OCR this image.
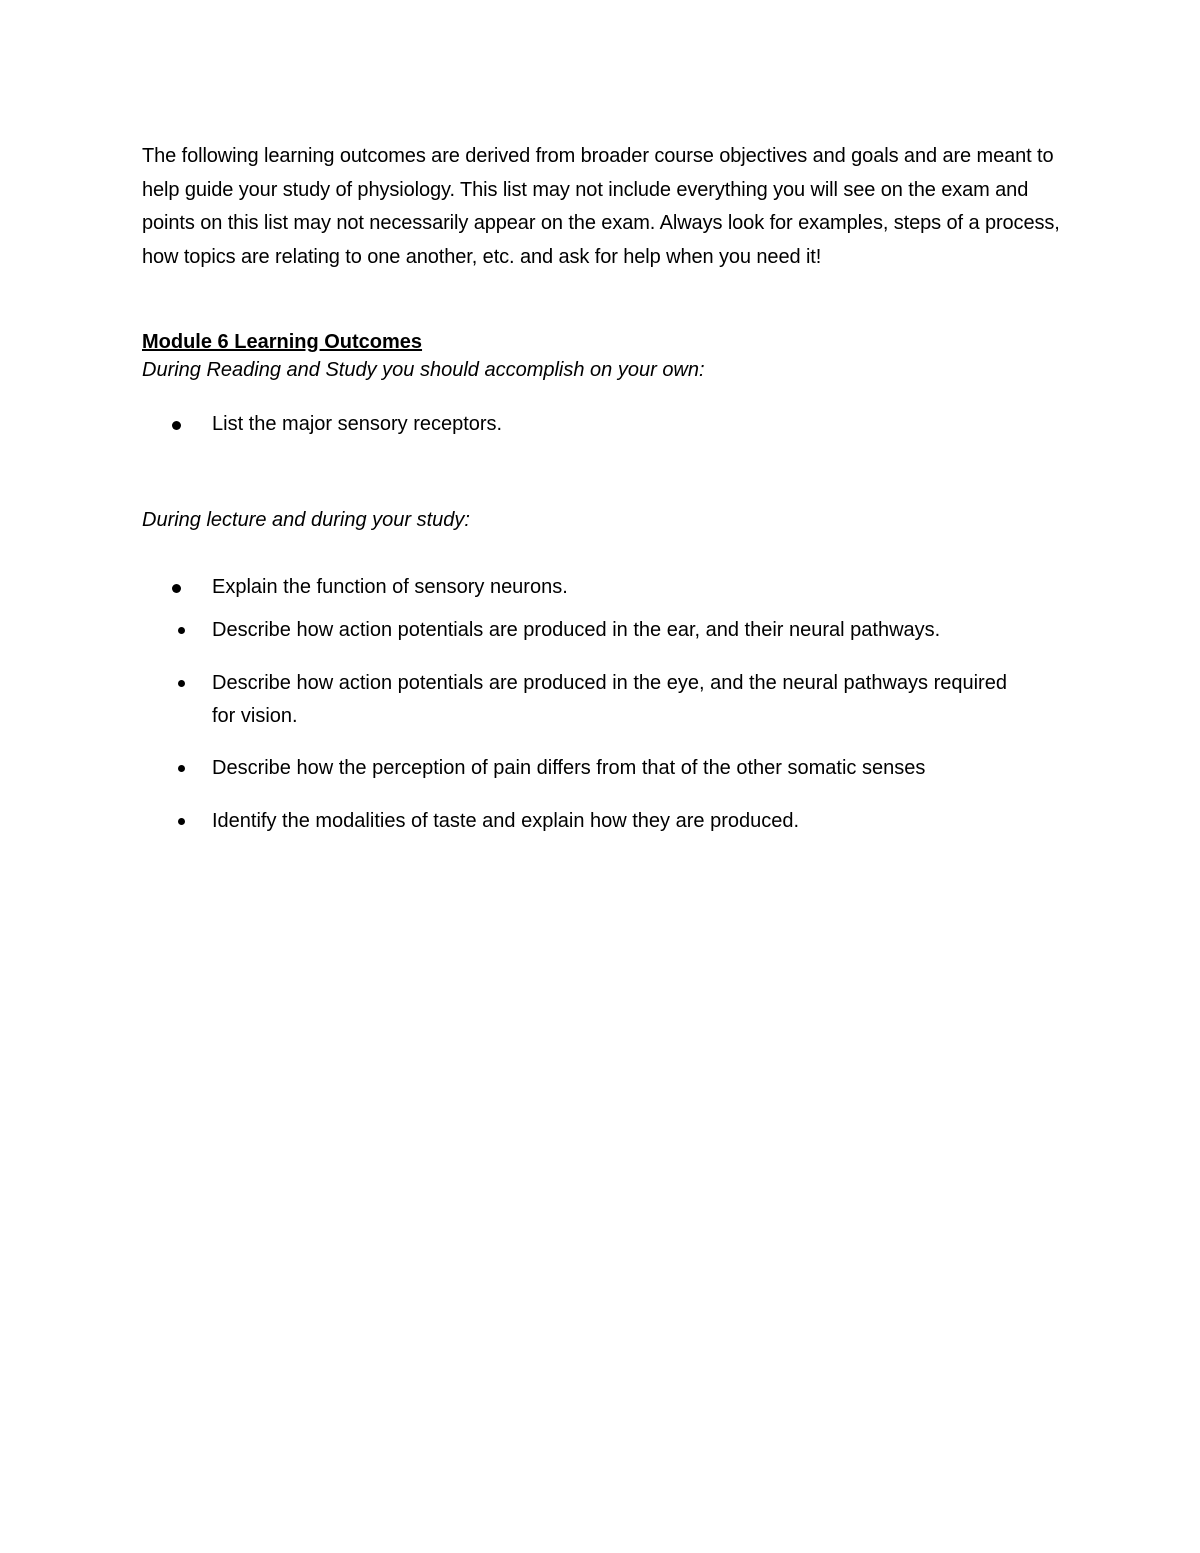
The following learning outcomes are derived from broader course objectives and goals and are meant to help guide your study of physiology. This list may not include everything you will see on the exam and points on this list may not necessarily appear on the exam. Always look for examples, steps of a process, how topics are relating to one another, etc. and ask for help when you need it!

Module 6 Learning Outcomes

During Reading and Study you should accomplish on your own:

List the major sensory receptors.

During lecture and during your study:

Explain the function of sensory neurons.
Describe how action potentials are produced in the ear, and their neural pathways.
Describe how action potentials are produced in the eye, and the neural pathways required for vision.
Describe how the perception of pain differs from that of the other somatic senses
Identify the modalities of taste and explain how they are produced.
